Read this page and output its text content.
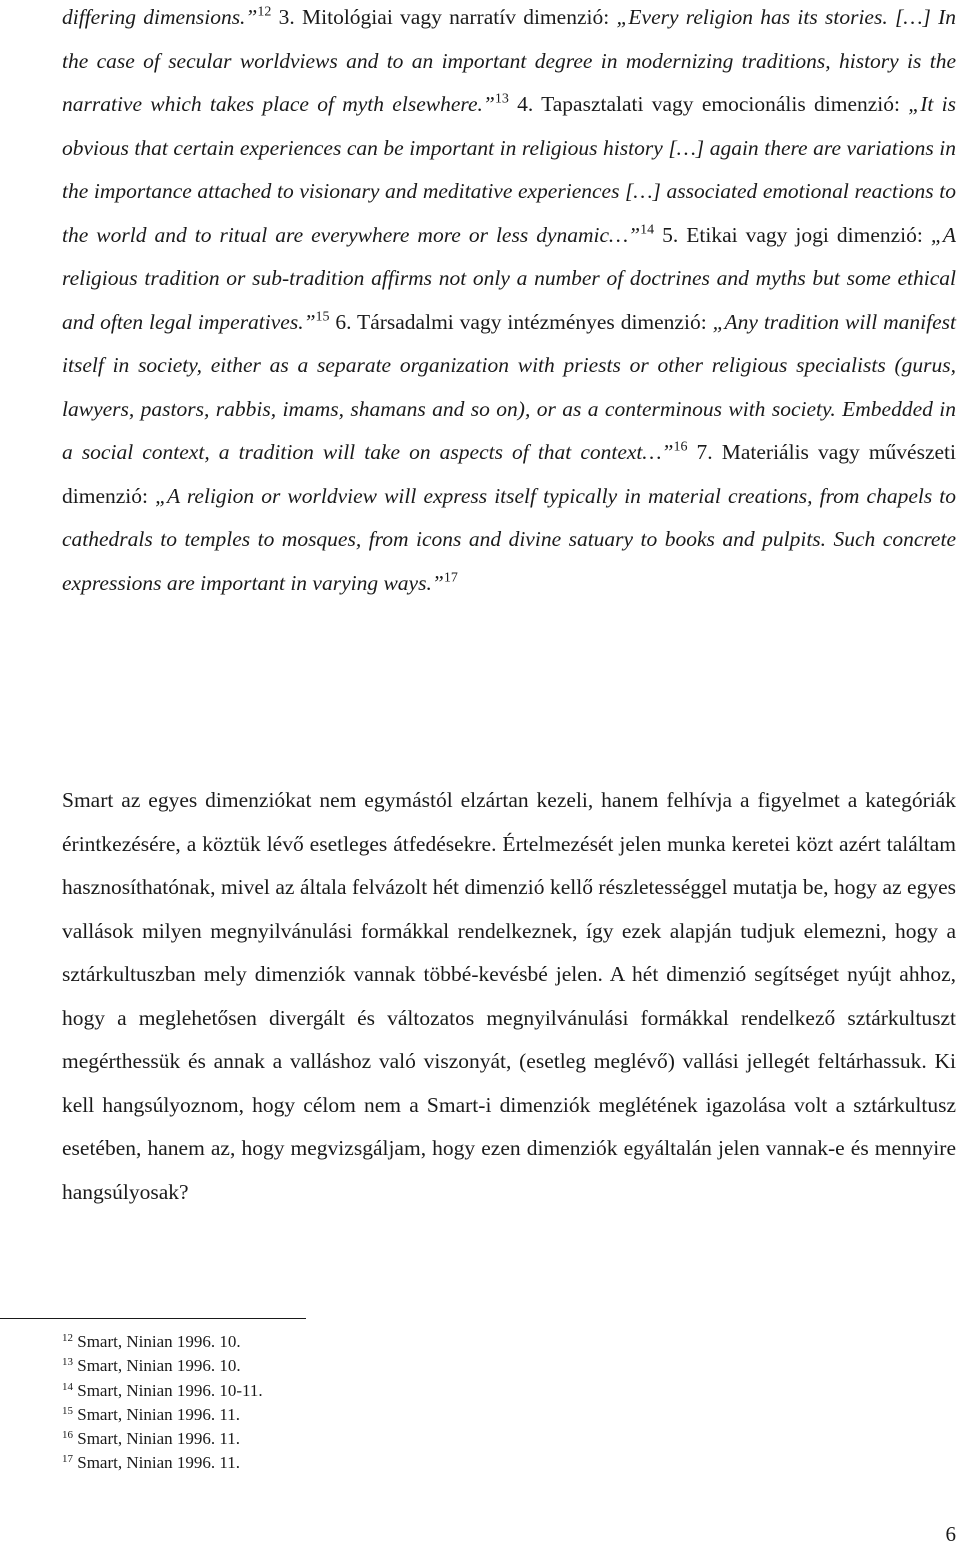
differing dimensions.”$^{12}$ 3. Mitológiai vagy narratív dimenzió: „Every religion has its stories. […] In the case of secular worldviews and to an important degree in modernizing traditions, history is the narrative which takes place of myth elsewhere.”$^{13}$ 4. Tapasztalati vagy emocionális dimenzió: „It is obvious that certain experiences can be important in religious history […] again there are variations in the importance attached to visionary and meditative experiences […] associated emotional reactions to the world and to ritual are everywhere more or less dynamic…”$^{14}$ 5. Etikai vagy jogi dimenzió: „A religious tradition or sub-tradition affirms not only a number of doctrines and myths but some ethical and often legal imperatives.”$^{15}$ 6. Társadalmi vagy intézményes dimenzió: „Any tradition will manifest itself in society, either as a separate organization with priests or other religious specialists (gurus, lawyers, pastors, rabbis, imams, shamans and so on), or as a conterminous with society. Embedded in a social context, a tradition will take on aspects of that context…”$^{16}$ 7. Materiális vagy művészeti dimenzió: „A religion or worldview will express itself typically in material creations, from chapels to cathedrals to temples to mosques, from icons and divine satuary to books and pulpits. Such concrete expressions are important in varying ways.”$^{17}$
Smart az egyes dimenziókat nem egymástól elzártan kezeli, hanem felhívja a figyelmet a kategóriák érintkezésére, a köztük lévő esetleges átfedésekre. Értelmezését jelen munka keretei közt azért találtam hasznosíthatónak, mivel az általa felvázolt hét dimenzió kellő részletességgel mutatja be, hogy az egyes vallások milyen megnyilvánulási formákkal rendelkeznek, így ezek alapján tudjuk elemezni, hogy a sztárkultuszban mely dimenziók vannak többé-kevésbé jelen. A hét dimenzió segítséget nyújt ahhoz, hogy a meglehetősen divergált és változatos megnyilvánulási formákkal rendelkező sztárkultuszt megérthessük és annak a valláshoz való viszonyát, (esetleg meglévő) vallási jellegét feltárhassuk. Ki kell hangsúlyoznom, hogy célom nem a Smart-i dimenziók meglétének igazolása volt a sztárkultusz esetében, hanem az, hogy megvizsgáljam, hogy ezen dimenziók egyáltalán jelen vannak-e és mennyire hangsúlyosak?
$^{12}$ Smart, Ninian 1996. 10.
$^{13}$ Smart, Ninian 1996. 10.
$^{14}$ Smart, Ninian 1996. 10-11.
$^{15}$ Smart, Ninian 1996. 11.
$^{16}$ Smart, Ninian 1996. 11.
$^{17}$ Smart, Ninian 1996. 11.
6
